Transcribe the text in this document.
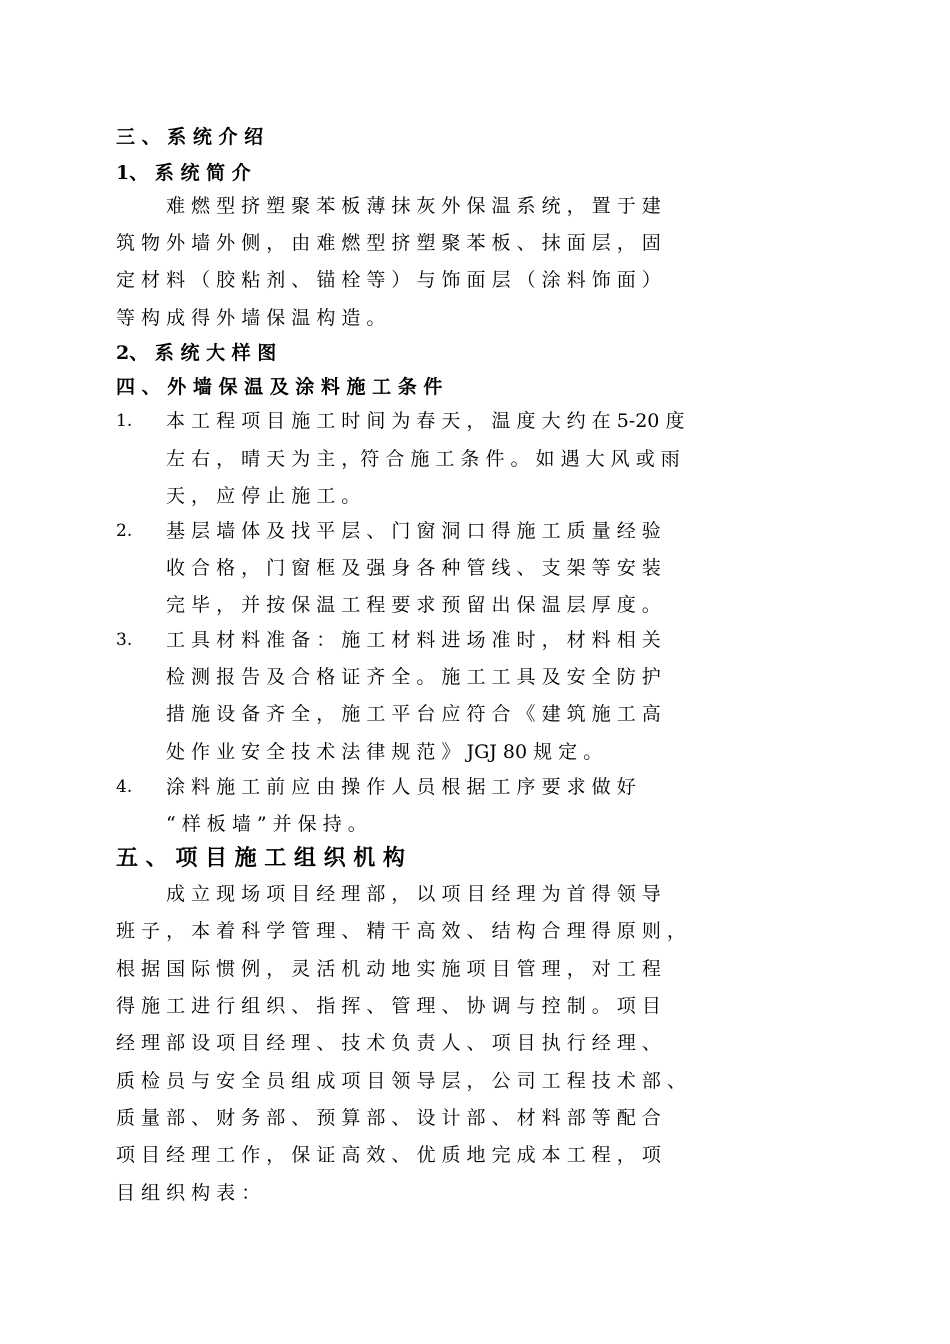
三 、 系 统 介 绍
1、 系 统 简 介
难 燃 型 挤 塑 聚 苯 板 薄 抹 灰 外 保 温 系 统 ， 置 于 建
筑 物 外 墙 外 侧 ， 由 难 燃 型 挤 塑 聚 苯 板 、 抹 面 层 ， 固
定 材 料 （ 胶 粘 剂 、 锚 栓 等 ） 与 饰 面 层 （ 涂 料 饰 面 ）
等 构 成 得 外 墙 保 温 构 造 。
2、 系 统 大 样 图
四 、 外 墙 保 温 及 涂 料 施 工 条 件
1. 本 工 程 项 目 施 工 时 间 为 春 天 ， 温 度 大 约 在 5-20 度
左 右 ， 晴 天 为 主 ，符 合 施 工 条 件 。 如 遇 大 风 或 雨
天 ， 应 停 止 施 工 。
2. 基 层 墙 体 及 找 平 层 、 门 窗 洞 口 得 施 工 质 量 经 验
收 合 格 ， 门 窗 框 及 强 身 各 种 管 线 、 支 架 等 安 装
完 毕 ， 并 按 保 温 工 程 要 求 预 留 出 保 温 层 厚 度 。
3. 工 具 材 料 准 备 ： 施 工 材 料 进 场 准 时 ， 材 料 相 关
检 测 报 告 及 合 格 证 齐 全 。 施 工 工 具 及 安 全 防 护
措 施 设 备 齐 全 ， 施 工 平 台 应 符 合 《 建 筑 施 工 高
处 作 业 安 全 技 术 法 律 规 范 》 JGJ 80 规 定 。
4. 涂 料 施 工 前 应 由 操 作 人 员 根 据 工 序 要 求 做 好
“ 样 板 墙 ” 并 保 持 。
五 、 项 目 施 工 组 织 机 构
成 立 现 场 项 目 经 理 部 ， 以 项 目 经 理 为 首 得 领 导
班 子 ， 本 着 科 学 管 理 、 精 干 高 效 、 结 构 合 理 得 原 则 ，
根 据 国 际 惯 例 ， 灵 活 机 动 地 实 施 项 目 管 理 ， 对 工 程
得 施 工 进 行 组 织 、 指 挥 、 管 理 、 协 调 与 控 制 。 项 目
经 理 部 设 项 目 经 理 、 技 术 负 责 人 、 项 目 执 行 经 理 、
质 检 员 与 安 全 员 组 成 项 目 领 导 层 ， 公 司 工 程 技 术 部 、
质 量 部 、 财 务 部 、 预 算 部 、 设 计 部 、 材 料 部 等 配 合
项 目 经 理 工 作 ， 保 证 高 效 、 优 质 地 完 成 本 工 程 ， 项
目 组 织 构 表 ：
